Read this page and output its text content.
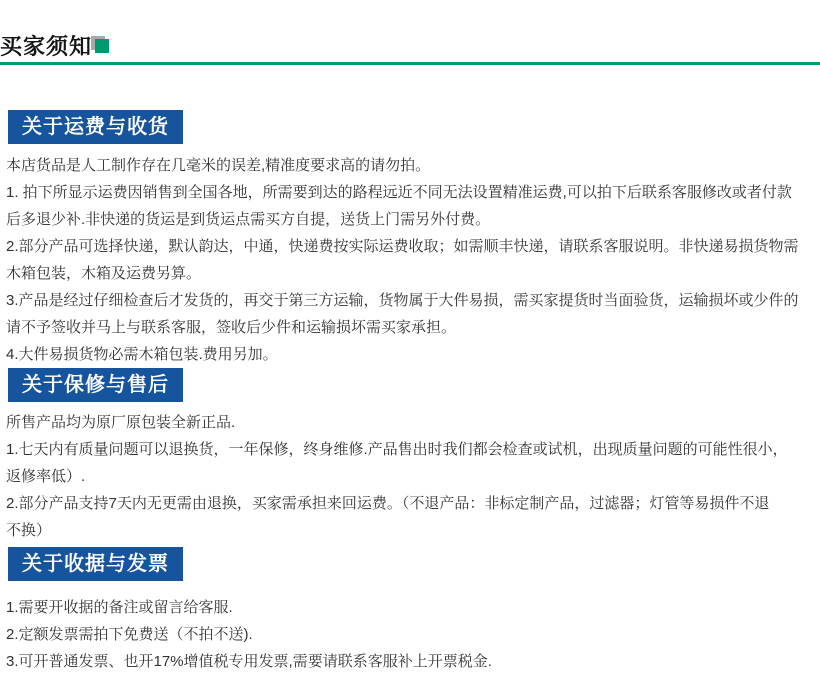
买家须知
关于运费与收货
本店货品是人工制作存在几毫米的误差,精准度要求高的请勿拍。
1. 拍下所显示运费因销售到全国各地，所需要到达的路程远近不同无法设置精准运费,可以拍下后联系客服修改或者付款
后多退少补.非快递的货运是到货运点需买方自提，送货上门需另外付费。
2.部分产品可选择快递，默认韵达，中通，快递费按实际运费收取；如需顺丰快递，请联系客服说明。非快递易损货物需
木箱包装，木箱及运费另算。
3.产品是经过仔细检查后才发货的，再交于第三方运输，货物属于大件易损，需买家提货时当面验货，运输损坏或少件的
请不予签收并马上与联系客服，签收后少件和运输损坏需买家承担。
4.大件易损货物必需木箱包装.费用另加。
关于保修与售后
所售产品均为原厂原包装全新正品.
1.七天内有质量问题可以退换货，一年保修，终身维修.产品售出时我们都会检查或试机，出现质量问题的可能性很小，
返修率低）.
2.部分产品支持7天内无更需由退换，买家需承担来回运费。（不退产品：非标定制产品，过滤器；灯管等易损件不退
不换）
关于收据与发票
1.需要开收据的备注或留言给客服.
2.定额发票需拍下免费送（不拍不送).
3.可开普通发票、也开17%增值税专用发票,需要请联系客服补上开票税金.
